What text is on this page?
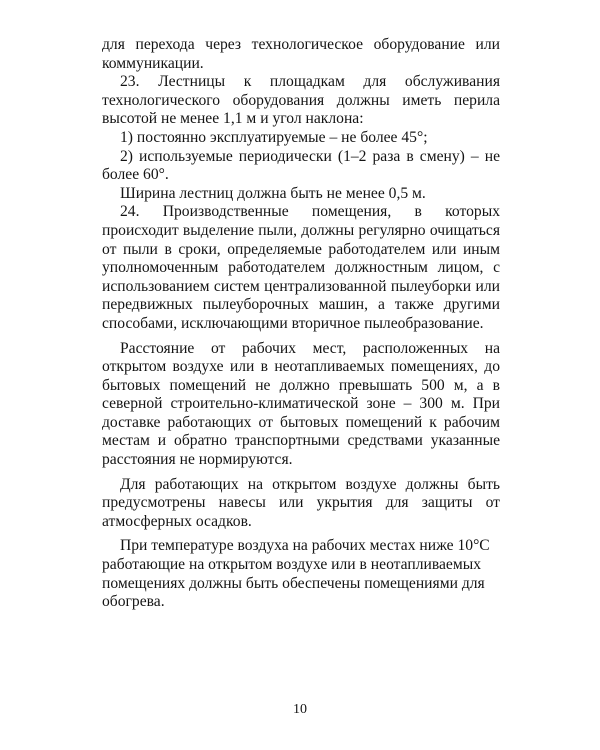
для перехода через технологическое оборудование или коммуникации.

23. Лестницы к площадкам для обслуживания технологического оборудования должны иметь перила высотой не менее 1,1 м и угол наклона:

1) постоянно эксплуатируемые – не более 45°;

2) используемые периодически (1–2 раза в смену) – не более 60°.

Ширина лестниц должна быть не менее 0,5 м.

24. Производственные помещения, в которых происходит выделение пыли, должны регулярно очищаться от пыли в сроки, определяемые работодателем или иным уполномоченным работодателем должностным лицом, с использованием систем централизованной пылеуборки или передвижных пылеуборочных машин, а также другими способами, исключающими вторичное пылеобразование.

Расстояние от рабочих мест, расположенных на открытом воздухе или в неотапливаемых помещениях, до бытовых помещений не должно превышать 500 м, а в северной строительно-климатической зоне – 300 м. При доставке работающих от бытовых помещений к рабочим местам и обратно транспортными средствами указанные расстояния не нормируются.

Для работающих на открытом воздухе должны быть предусмотрены навесы или укрытия для защиты от атмосферных осадков.

При температуре воздуха на рабочих местах ниже 10°С работающие на открытом воздухе или в неотапливаемых помещениях должны быть обеспечены помещениями для обогрева.

10
